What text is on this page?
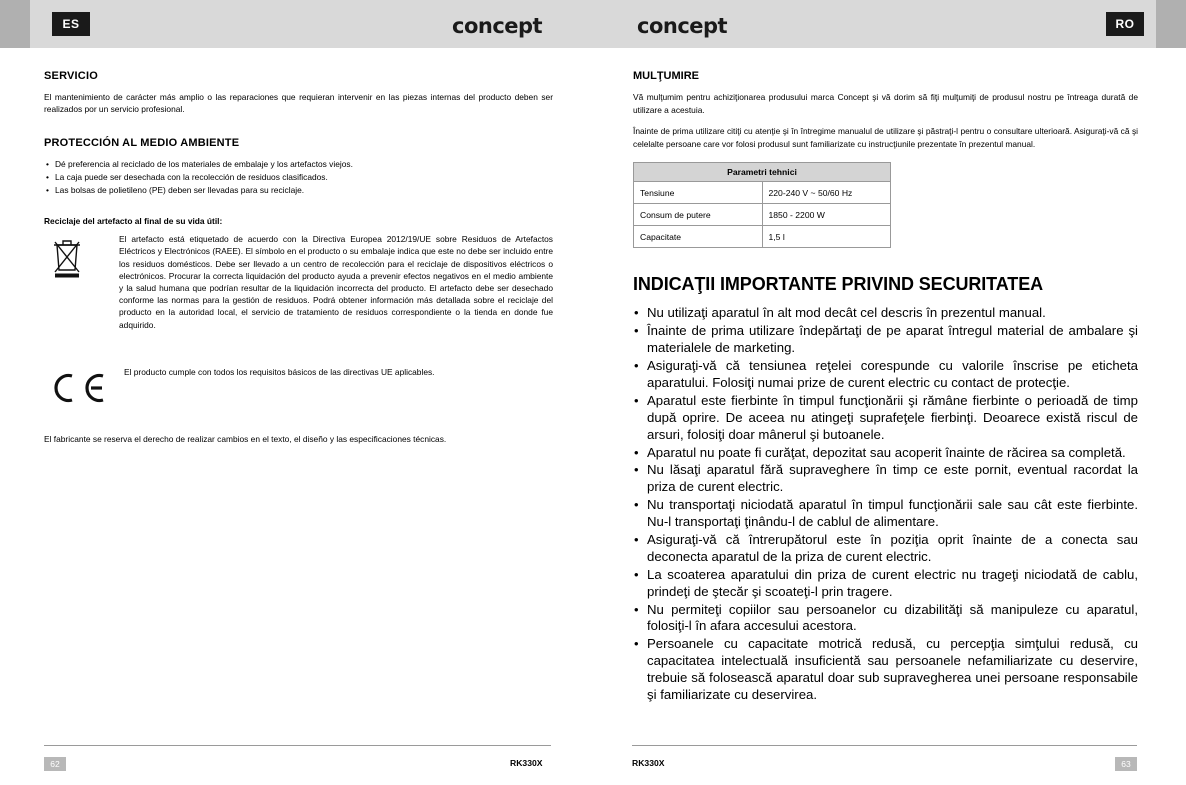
ES	concept	concept	RO
SERVICIO
El mantenimiento de carácter más amplio o las reparaciones que requieran intervenir en las piezas internas del producto deben ser realizados por un servicio profesional.
PROTECCIÓN AL MEDIO AMBIENTE
• Dé preferencia al reciclado de los materiales de embalaje y los artefactos viejos.
• La caja puede ser desechada con la recolección de residuos clasificados.
• Las bolsas de polietileno (PE) deben ser llevadas para su reciclaje.
Reciclaje del artefacto al final de su vida útil:
El artefacto está etiquetado de acuerdo con la Directiva Europea 2012/19/UE sobre Residuos de Artefactos Eléctricos y Electrónicos (RAEE). El símbolo en el producto o su embalaje indica que este no debe ser incluido entre los residuos domésticos. Debe ser llevado a un centro de recolección para el reciclaje de dispositivos eléctricos o electrónicos. Procurar la correcta liquidación del producto ayuda a prevenir efectos negativos en el medio ambiente y la salud humana que podrían resultar de la liquidación incorrecta del producto. El artefacto debe ser desechado conforme las normas para la gestión de residuos. Podrá obtener información más detallada sobre el reciclaje del producto en la autoridad local, el servicio de tratamiento de residuos correspondiente o la tienda en donde fue adquirido.
El producto cumple con todos los requisitos básicos de las directivas UE aplicables.
El fabricante se reserva el derecho de realizar cambios en el texto, el diseño y las especificaciones técnicas.
MULŢUMIRE
Vă mulţumim pentru achiziţionarea produsului marca Concept şi vă dorim să fiţi mulţumiţi de produsul nostru pe întreaga durată de utilizare a acestuia.
Înainte de prima utilizare citiţi cu atenţie şi în întregime manualul de utilizare şi păstraţi-l pentru o consultare ulterioară. Asiguraţi-vă că şi celelalte persoane care vor folosi produsul sunt familiarizate cu instrucţiunile prezentate în prezentul manual.
Parametri tehnici	
Tensiune	220-240 V ~ 50/60 Hz
Consum de putere	1850 - 2200 W
Capacitate	1,5 l
INDICAŢII IMPORTANTE PRIVIND SECURITATEA
• Nu utilizaţi aparatul în alt mod decât cel descris în prezentul manual.
• Înainte de prima utilizare îndepărtaţi de pe aparat întregul material de ambalare şi materialele de marketing.
• Asiguraţi-vă că tensiunea reţelei corespunde cu valorile înscrise pe eticheta aparatului. Folosiţi numai prize de curent electric cu contact de protecţie.
• Aparatul este fierbinte în timpul funcţionării şi rămâne fierbinte o perioadă de timp după oprire. De aceea nu atingeţi suprafeţele fierbinţi. Deoarece există riscul de arsuri, folosiţi doar mânerul şi butoanele.
• Aparatul nu poate fi curăţat, depozitat sau acoperit înainte de răcirea sa completă.
• Nu lăsaţi aparatul fără supraveghere în timp ce este pornit, eventual racordat la priza de curent electric.
• Nu transportaţi niciodată aparatul în timpul funcţionării sale sau cât este fierbinte. Nu-l transportaţi ţinându-l de cablul de alimentare.
• Asiguraţi-vă că întrerupătorul este în poziţia oprit înainte de a conecta sau deconecta aparatul de la priza de curent electric.
• La scoaterea aparatului din priza de curent electric nu trageţi niciodată de cablu, prindeţi de ştecăr şi scoateţi-l prin tragere.
• Nu permiteţi copiilor sau persoanelor cu dizabilităţi să manipuleze cu aparatul, folosiţi-l în afara accesului acestora.
• Persoanele cu capacitate motrică redusă, cu percepţia simţului redusă, cu capacitatea intelectuală insuficientă sau persoanele nefamiliarizate cu deservire, trebuie să folosească aparatul doar sub supravegherea unei persoane responsabile şi familiarizate cu deservirea.
62	RK330X	RK330X	63
